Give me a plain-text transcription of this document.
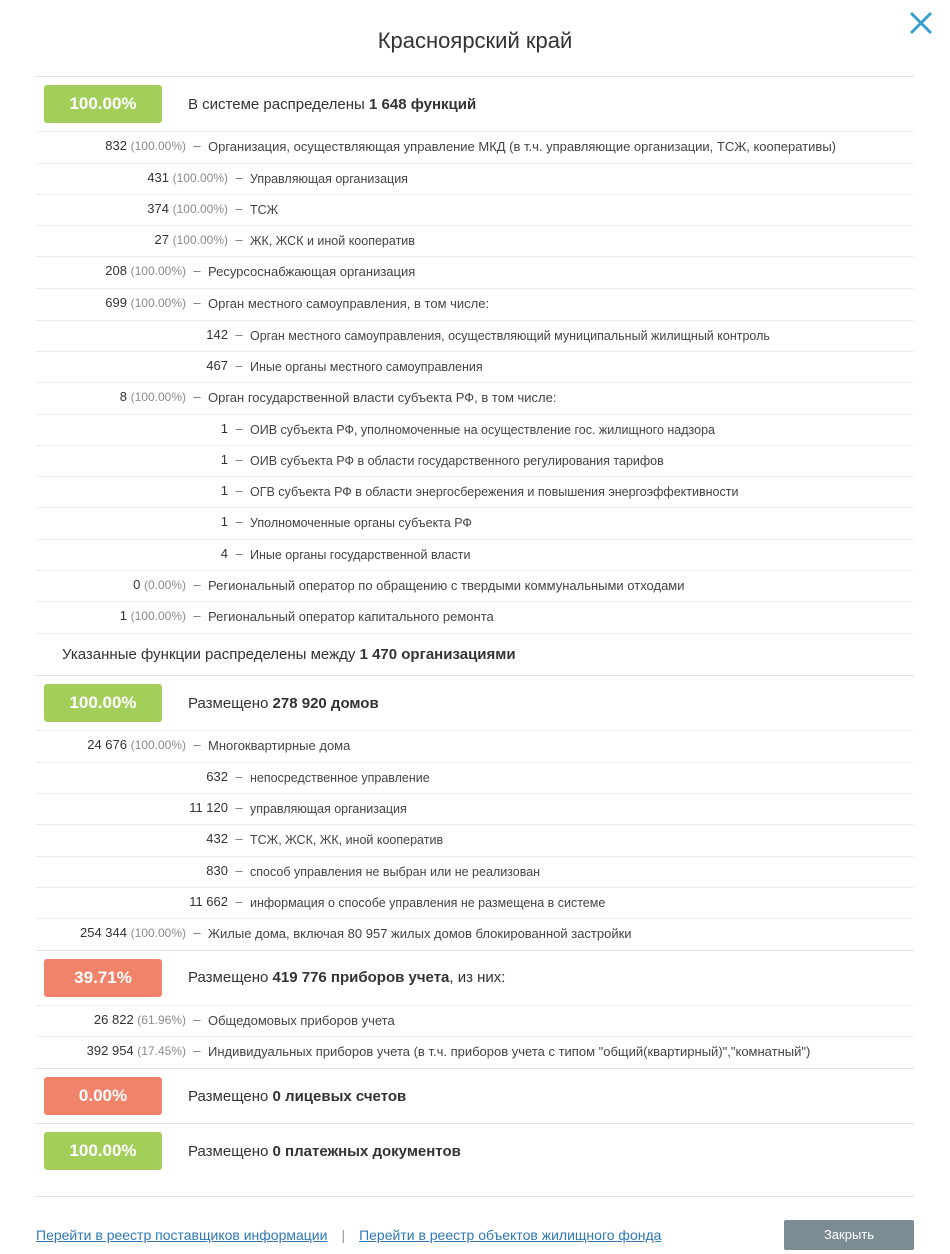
Красноярский край
100.00%	В системе распределены 1 648 функций
832 (100.00%) – Организация, осуществляющая управление МКД (в т.ч. управляющие организации, ТСЖ, кооперативы)
431 (100.00%) – Управляющая организация
374 (100.00%) – ТСЖ
27 (100.00%) – ЖК, ЖСК и иной кооператив
208 (100.00%) – Ресурсоснабжающая организация
699 (100.00%) – Орган местного самоуправления, в том числе:
142 – Орган местного самоуправления, осуществляющий муниципальный жилищный контроль
467 – Иные органы местного самоуправления
8 (100.00%) – Орган государственной власти субъекта РФ, в том числе:
1 – ОИВ субъекта РФ, уполномоченные на осуществление гос. жилищного надзора
1 – ОИВ субъекта РФ в области государственного регулирования тарифов
1 – ОГВ субъекта РФ в области энергосбережения и повышения энергоэффективности
1 – Уполномоченные органы субъекта РФ
4 – Иные органы государственной власти
0 (0.00%) – Региональный оператор по обращению с твердыми коммунальными отходами
1 (100.00%) – Региональный оператор капитального ремонта
Указанные функции распределены между 1 470 организациями
100.00%	Размещено 278 920 домов
24 676 (100.00%) – Многоквартирные дома
632 – непосредственное управление
11 120 – управляющая организация
432 – ТСЖ, ЖСК, ЖК, иной кооператив
830 – способ управления не выбран или не реализован
11 662 – информация о способе управления не размещена в системе
254 344 (100.00%) – Жилые дома, включая 80 957 жилых домов блокированной застройки
39.71%	Размещено 419 776 приборов учета, из них:
26 822 (61.96%) – Общедомовых приборов учета
392 954 (17.45%) – Индивидуальных приборов учета (в т.ч. приборов учета с типом "общий(квартирный)","комнатный")
0.00%	Размещено 0 лицевых счетов
100.00%	Размещено 0 платежных документов
Перейти в реестр поставщиков информации	|	Перейти в реестр объектов жилищного фонда	Закрыть
